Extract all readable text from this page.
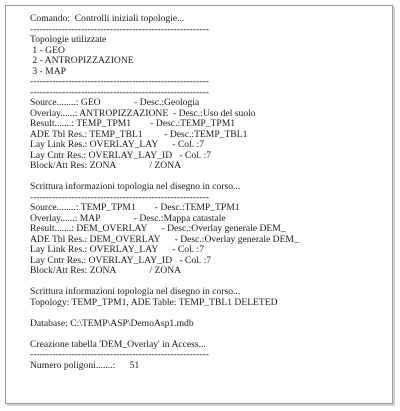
Comando:  Controlli iniziali topologie...
--------------------------------------------------------
Topologie utilizzate
1 - GEO
2 - ANTROPIZZAZIONE
3 - MAP
--------------------------------------------------------
--------------------------------------------------------
Source........: GEO              - Desc.:Geologia
Overlay......: ANTROPIZZAZIONE  - Desc.:Uso del suolo
Result.......: TEMP_TPM1        - Desc.:TEMP_TPM1
ADE Tbl Res.: TEMP_TBL1         - Desc.:TEMP_TBL1
Lay Link Res.: OVERLAY_LAY      - Col. :7
Lay Cntr Res.: OVERLAY_LAY_ID   - Col. :7
Block/Att Res: ZONA              / ZONA
Scrittura informazioni topologia nel disegno in corso...
--------------------------------------------------------
Source........: TEMP_TPM1        - Desc.:TEMP_TPM1
Overlay......: MAP              - Desc.:Mappa catastale
Result.......: DEM_OVERLAY      - Desc.:Overlay generale DEM_
ADE Tbl Res.: DEM_OVERLAY      - Desc.:Overlay generale DEM_
Lay Link Res.: OVERLAY_LAY      - Col. :7
Lay Cntr Res.: OVERLAY_LAY_ID   - Col. :7
Block/Att Res: ZONA              / ZONA
Scrittura informazioni topologia nel disegno in corso...
Topology: TEMP_TPM1, ADE Table: TEMP_TBL1 DELETED
Database: C:\TEMP\ASP\DemoAsp1.mdb
Creazione tabella 'DEM_Overlay' in Access...
--------------------------------------------------------
Numero poligoni.......:      51
